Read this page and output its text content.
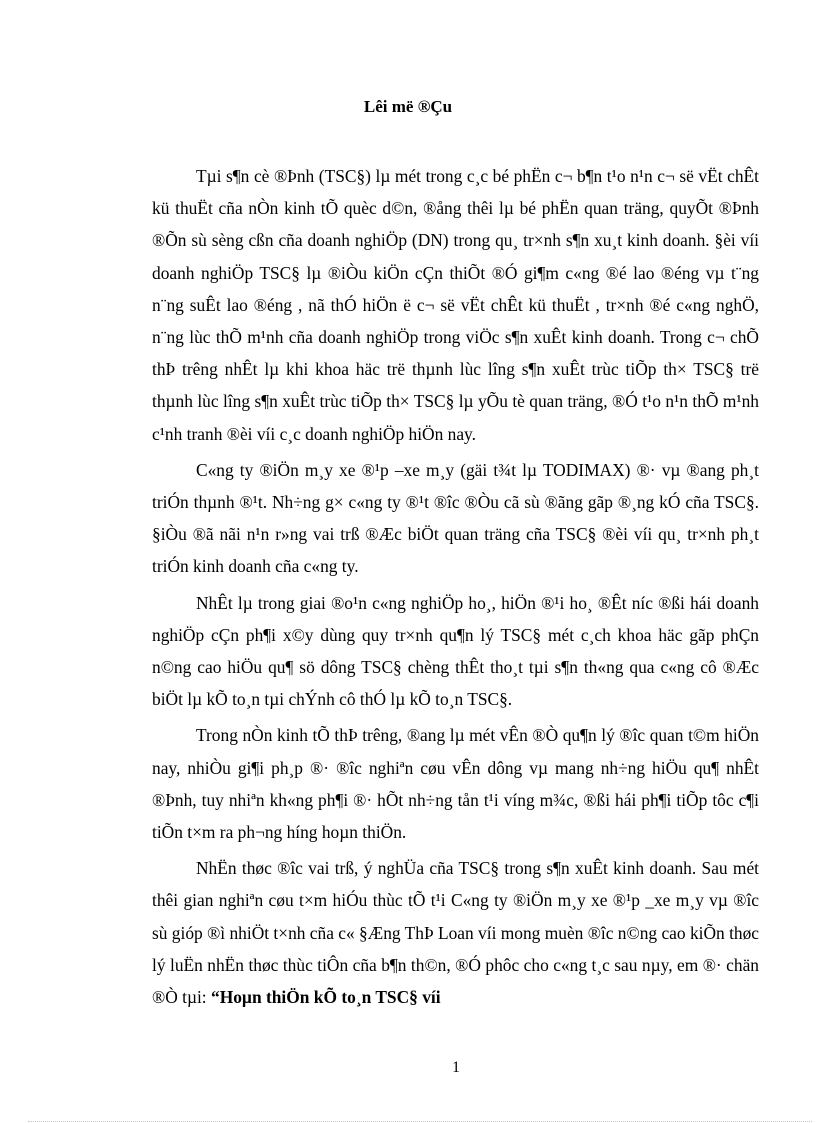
Lêi më ®Çu

Tµi s¶n cè ®Þnh (TSC§) lµ mét trong c¸c bé phËn c¬ b¶n t¹o n¹n c¬ së vËt chÊt kü thuËt cña nÒn kinh tÕ quèc d©n, ®ång thêi lµ bé phËn quan träng, quyÕt ®Þnh ®Õn sù sèng cßn cña doanh nghiÖp (DN) trong qu¸ tr×nh s¶n xu¸t kinh doanh. §èi víi doanh nghiÖp TSC§ lµ ®iÒu kiÖn cÇn thiÕt ®Ó gi¶m c«ng ®é lao ®éng vµ t¨ng n¨ng suÊt lao ®éng , nã thÓ hiÖn ë c¬ së vËt chÊt kü thuËt , tr×nh ®é c«ng nghÖ, n¨ng lùc thÕ m¹nh cña doanh nghiÖp trong viÖc s¶n xuÊt kinh doanh. Trong c¬ chÕ thÞ trêng nhÊt lµ khi khoa häc trë thµnh lùc lîng s¶n xuÊt trùc tiÕp th× TSC§ trë thµnh lùc lîng s¶n xuÊt trùc tiÕp th× TSC§ lµ yÕu tè quan träng, ®Ó t¹o n¹n thÕ m¹nh c¹nh tranh ®èi víi c¸c doanh nghiÖp hiÖn nay.

C«ng ty ®iÖn m¸y xe ®¹p –xe m¸y (gäi t¾t lµ TODIMAX) ®· vµ ®ang ph¸t triÓn thµnh ®¹t. Nh÷ng g× c«ng ty ®¹t ®îc ®Òu cã sù ®ãng gãp ®¸ng kÓ cña TSC§. §iÒu ®ã nãi n¹n r»ng vai trß ®Æc biÖt quan träng cña TSC§ ®èi víi qu¸ tr×nh ph¸t triÓn kinh doanh cña c«ng ty.

NhÊt lµ trong giai ®o¹n c«ng nghiÖp ho¸, hiÖn ®¹i ho¸ ®Êt níc ®ßi hái doanh nghiÖp cÇn ph¶i x©y dùng quy tr×nh qu¶n lý TSC§ mét c¸ch khoa häc gãp phÇn n©ng cao hiÖu qu¶ sö dông TSC§ chèng thÊt tho¸t tµi s¶n th«ng qua c«ng cô ®Æc biÖt lµ kÕ to¸n tµi chÝnh cô thÓ lµ kÕ to¸n TSC§.

Trong nÒn kinh tÕ thÞ trêng, ®ang lµ mét vÊn ®Ò qu¶n lý ®îc quan t©m hiÖn nay, nhiÒu gi¶i ph¸p ®· ®îc nghiªn cøu vÊn dông vµ mang nh÷ng hiÖu qu¶ nhÊt ®Þnh, tuy nhiªn kh«ng ph¶i ®· hÕt nh÷ng tån t¹i víng m¾c, ®ßi hái ph¶i tiÕp tôc c¶i tiÕn t×m ra ph¬ng híng hoµn thiÖn.

NhËn thøc ®îc vai trß, ý nghÜa cña TSC§ trong s¶n xuÊt kinh doanh. Sau mét thêi gian nghiªn cøu t×m hiÓu thùc tÕ t¹i C«ng ty ®iÖn m¸y xe ®¹p _xe m¸y vµ ®îc sù gióp ®ì nhiÖt t×nh cña c« §Æng ThÞ Loan víi mong muèn ®îc n©ng cao kiÕn thøc lý luËn nhËn thøc thùc tiÔn cña b¶n th©n, ®Ó phôc cho c«ng t¸c sau nµy, em ®· chän ®Ò tµi: “Hoµn thiÖn kÕ to¸n TSC§ víi

1
